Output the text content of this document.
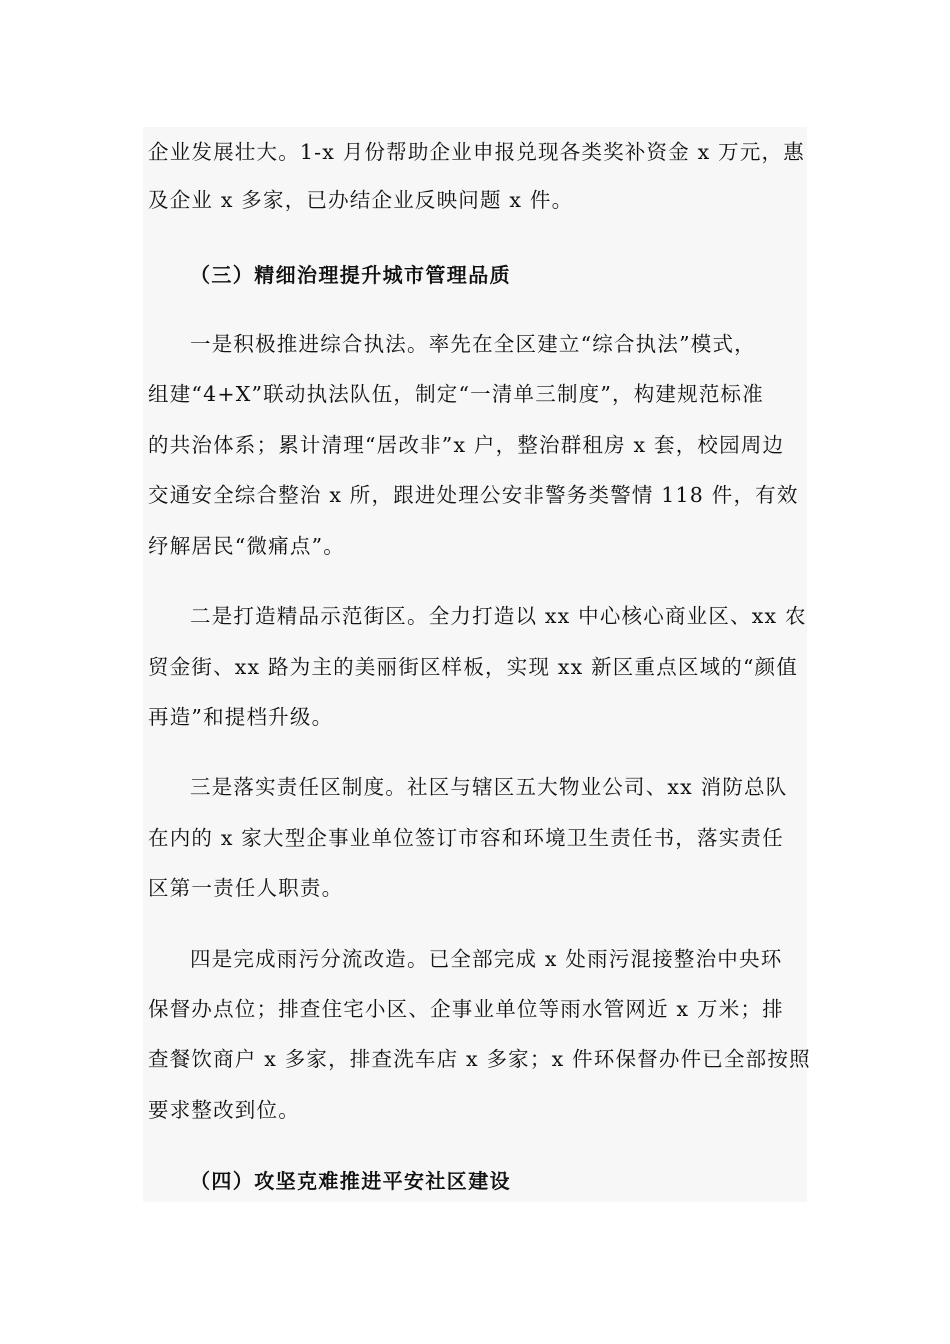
企业发展壮大。1-x 月份帮助企业申报兑现各类奖补资金 x 万元，惠
及企业 x 多家，已办结企业反映问题 x 件。
（三）精细治理提升城市管理品质
一是积极推进综合执法。率先在全区建立“综合执法”模式，
组建“4+X”联动执法队伍，制定“一清单三制度”，构建规范标准
的共治体系；累计清理“居改非”x 户，整治群租房 x 套，校园周边
交通安全综合整治 x 所，跟进处理公安非警务类警情 118 件，有效
纾解居民“微痛点”。
二是打造精品示范街区。全力打造以 xx 中心核心商业区、xx 农
贸金街、xx 路为主的美丽街区样板，实现 xx 新区重点区域的“颜值
再造”和提档升级。
三是落实责任区制度。社区与辖区五大物业公司、xx 消防总队
在内的 x 家大型企事业单位签订市容和环境卫生责任书，落实责任
区第一责任人职责。
四是完成雨污分流改造。已全部完成 x 处雨污混接整治中央环
保督办点位；排查住宅小区、企事业单位等雨水管网近 x 万米；排
查餐饮商户 x 多家，排查洗车店 x 多家；x 件环保督办件已全部按照
要求整改到位。
（四）攻坚克难推进平安社区建设
